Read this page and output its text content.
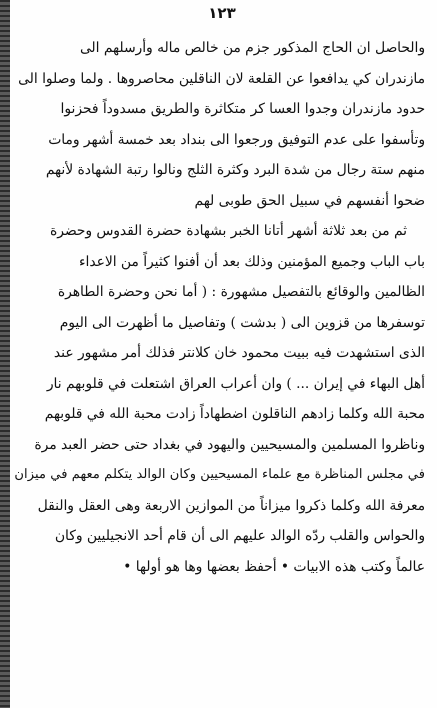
١٢٣
والحاصل ان الحاج المذكور جزم من خالص ماله وأرسلهم الى
مازندران كي يدافعوا عن القلعة لان الناقلين محاصروها . ولما وصلوا الى
حدود مازندران وجدوا العسا كر متكاثرة والطريق مسدوداً فحزنوا
وتأسفوا على عدم التوفيق ورجعوا الى بنداد بعد خمسة أشهر ومات
منهم ستة رجال من شدة البرد وكثرة الثلج ونالوا رتبة الشهادة لأنهم
ضحوا أنفسهم في سبيل الحق طوبى لهم
ثم من بعد ثلاثة أشهر أتانا الخبر بشهادة حضرة القدوس وحضرة
باب الباب وجميع المؤمنين وذلك بعد أن أفنوا كثيراً من الاعداء
الظالمين والوقائع بالتفصيل مشهورة : ( أما نحن وحضرة الطاهرة
توسفرها من قزوين الى ( بدشت ) وتفاصيل ما أظهرت الى اليوم
الذى استشهدت فيه ببيت محمود خان كلانتر فذلك أمر مشهور عند
أهل البهاء في إيران ... ) وان أعراب العراق اشتعلت في قلوبهم نار
محبة الله وكلما زادهم الناقلون اضطهاداً زادت محبة الله في قلوبهم
وناظروا المسلمين والمسيحيين واليهود في بغداد حتى حضر العبد مرة
في مجلس المناظرة مع علماء المسيحيين وكان الوالد يتكلم معهم في ميزان
معرفة الله وكلما ذكروا ميزاناً من الموازين الاربعة وهى العقل والنقل
والحواس والقلب ردّه الوالد عليهم الى أن قام أحد الانجيليين وكان
عالماً وكتب هذه الابيات • أحفظ بعضها وها هو أولها •
